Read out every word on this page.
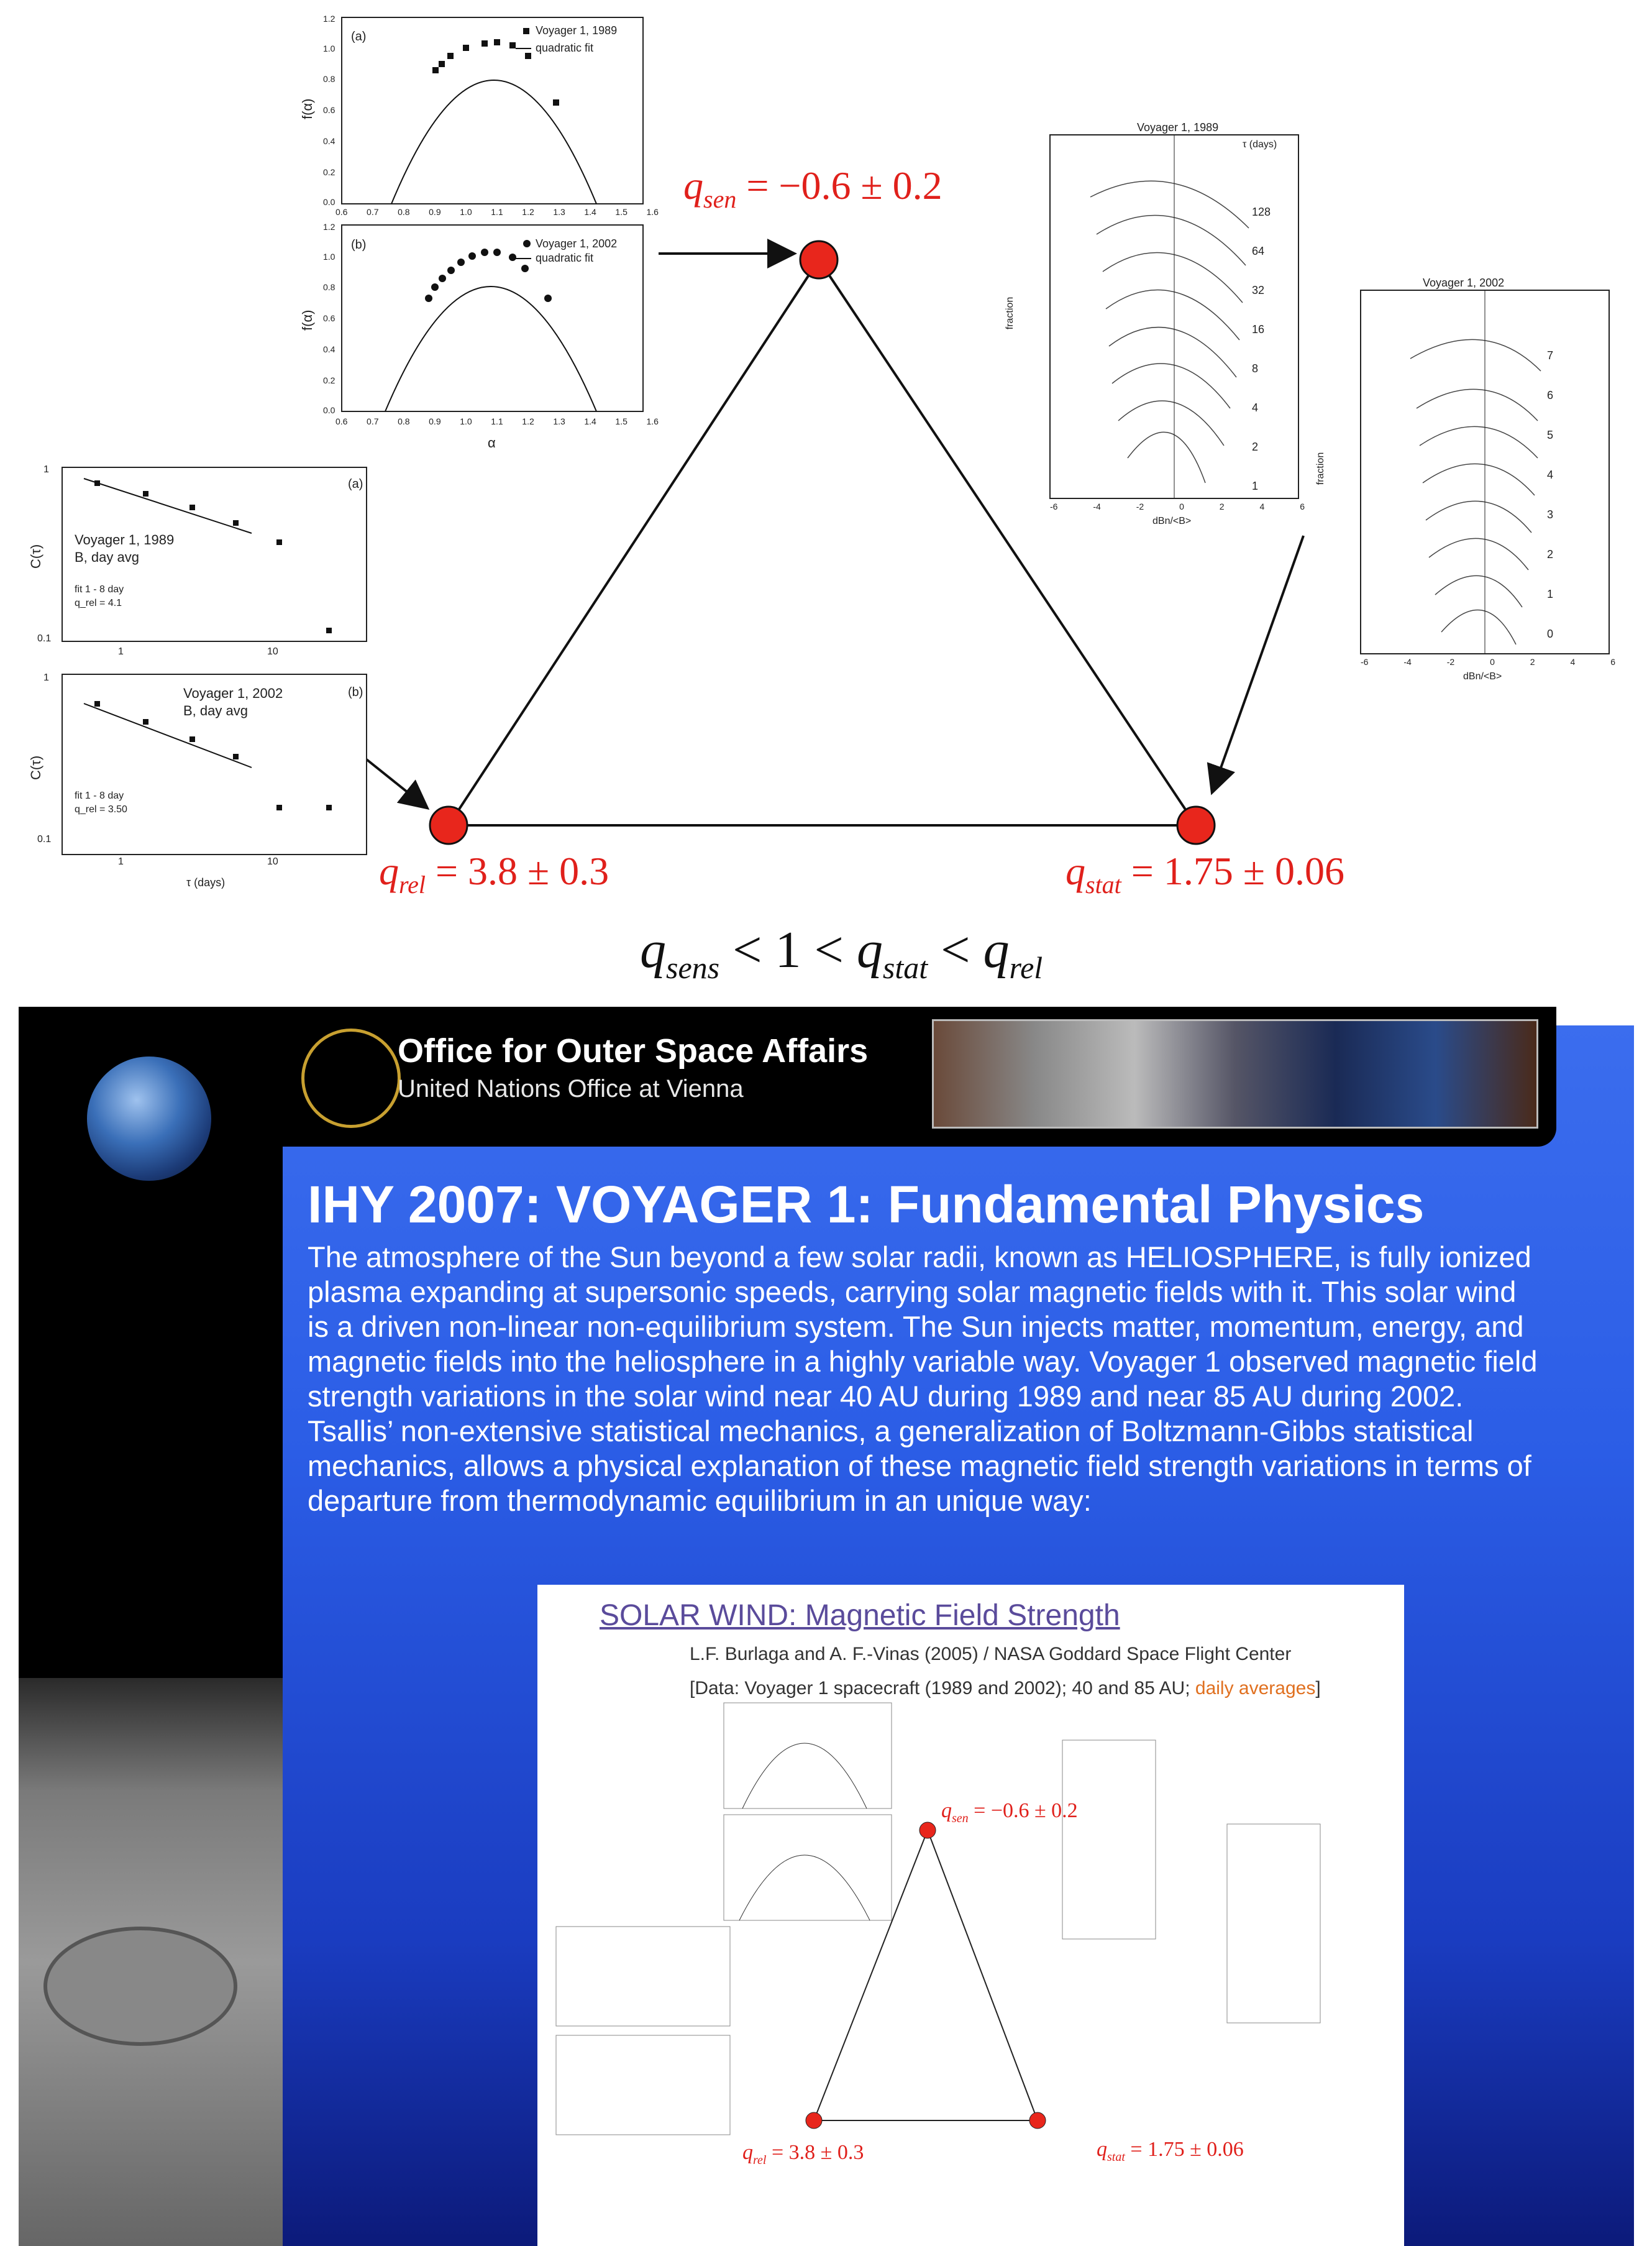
(a)	Voyager 1, 1989
quadratic fit
1.2
1.0
0.8
0.6
0.4
0.2
0.0
f(α)
0.6 0.7 0.8 0.9 1.0 1.1 1.2 1.3 1.4 1.5 1.6
(b)	Voyager 1, 2002
quadratic fit
1.2
1.0
0.8
0.6
0.4
0.2
0.0
f(α)
0.6 0.7 0.8 0.9 1.0 1.1 1.2 1.3 1.4 1.5 1.6
α
(a)
1
0.1
C(τ)
Voyager 1, 1989
B, day avg
fit 1 - 8 day
q_rel = 4.1
1	10
(b)
1
0.1
C(τ)
Voyager 1, 2002
B, day avg
fit 1 - 8 day
q_rel = 3.50
1	10
τ (days)
Voyager 1, 1989
τ (days)
128
64
32
16
8
4
2
1
fraction
-6	-4	-2	0	2	4	6
dBn/<B>
Voyager 1, 2002
7
6
5
4
3
2
1
0
fraction
-6	-4	-2	0	2	4	6
dBn/<B>
$q_{sen} = -0.6 \pm 0.2$
$q_{rel} = 3.8 \pm 0.3$	$q_{stat} = 1.75 \pm 0.06$
$q_{sens} < 1 < q_{stat} < q_{rel}$
Office for Outer Space Affairs
United Nations Office at Vienna
IHY 2007: VOYAGER 1: Fundamental Physics
The atmosphere of the Sun beyond a few solar radii, known as HELIOSPHERE, is fully ionized plasma expanding at supersonic speeds, carrying solar magnetic fields with it. This solar wind is a driven non-linear non-equilibrium system. The Sun injects matter, momentum, energy, and magnetic fields into the heliosphere in a highly variable way. Voyager 1 observed magnetic field strength variations in the solar wind near 40 AU during 1989 and near 85 AU during 2002. Tsallis’ non-extensive statistical mechanics, a generalization of Boltzmann-Gibbs statistical mechanics, allows a physical explanation of these magnetic field strength variations in terms of departure from thermodynamic equilibrium in an unique way:
SOLAR WIND: Magnetic Field Strength
L.F. Burlaga and A. F.-Vinas (2005) / NASA Goddard Space Flight Center
[Data: Voyager 1 spacecraft (1989 and 2002); 40 and 85 AU; daily averages]
$q_{sen} = -0.6 \pm 0.2$
$q_{rel} = 3.8 \pm 0.3$	$q_{stat} = 1.75 \pm 0.06$
